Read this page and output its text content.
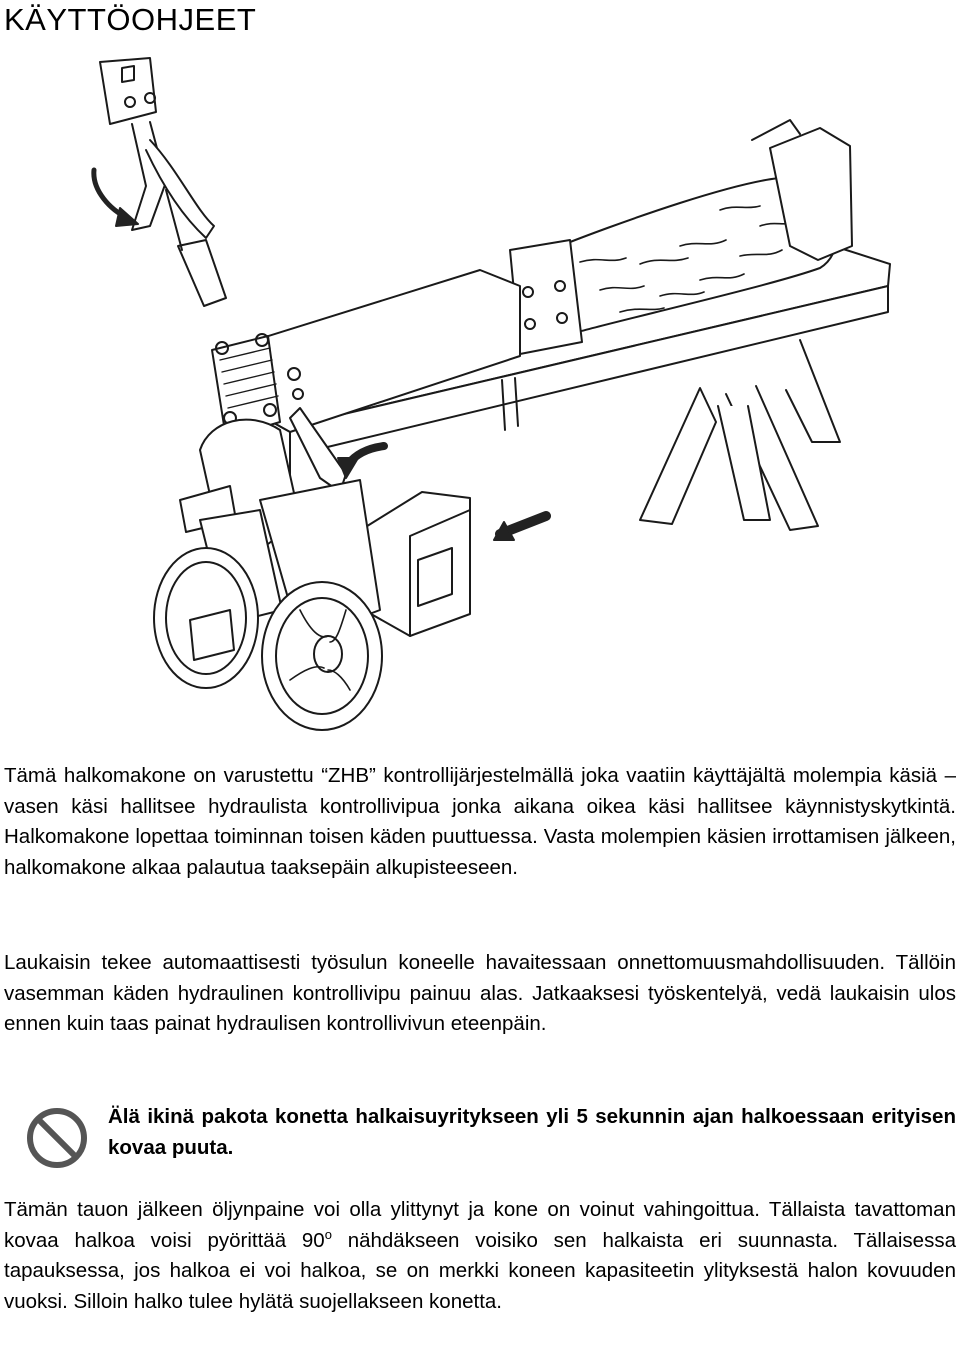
KÄYTTÖOHJEET
Tämä halkomakone on varustettu “ZHB” kontrollijärjestelmällä joka vaatiin käyttäjältä molempia käsiä – vasen käsi hallitsee hydraulista kontrollivipua jonka aikana oikea käsi hallitsee käynnistyskytkintä. Halkomakone lopettaa toiminnan toisen käden puuttuessa. Vasta molempien käsien irrottamisen jälkeen, halkomakone alkaa palautua taaksepäin alkupisteeseen.
Laukaisin tekee automaattisesti työsulun koneelle havaitessaan onnettomuusmahdollisuuden. Tällöin vasemman käden hydraulinen kontrollivipu painuu alas. Jatkaaksesi työskentelyä, vedä laukaisin ulos ennen kuin taas painat hydraulisen kontrollivivun eteenpäin.
Älä ikinä pakota konetta halkaisuyritykseen yli 5 sekunnin ajan halkoessaan erityisen kovaa puuta.
Tämän tauon jälkeen öljynpaine voi olla ylittynyt ja kone on voinut vahingoittua. Tällaista tavattoman kovaa halkoa voisi pyörittää 90$^o$ nähdäkseen voisiko sen halkaista eri suunnasta. Tällaisessa tapauksessa, jos halkoa ei voi halkoa, se on merkki koneen kapasiteetin ylityksestä halon kovuuden vuoksi. Silloin halko tulee hylätä suojellakseen konetta.
